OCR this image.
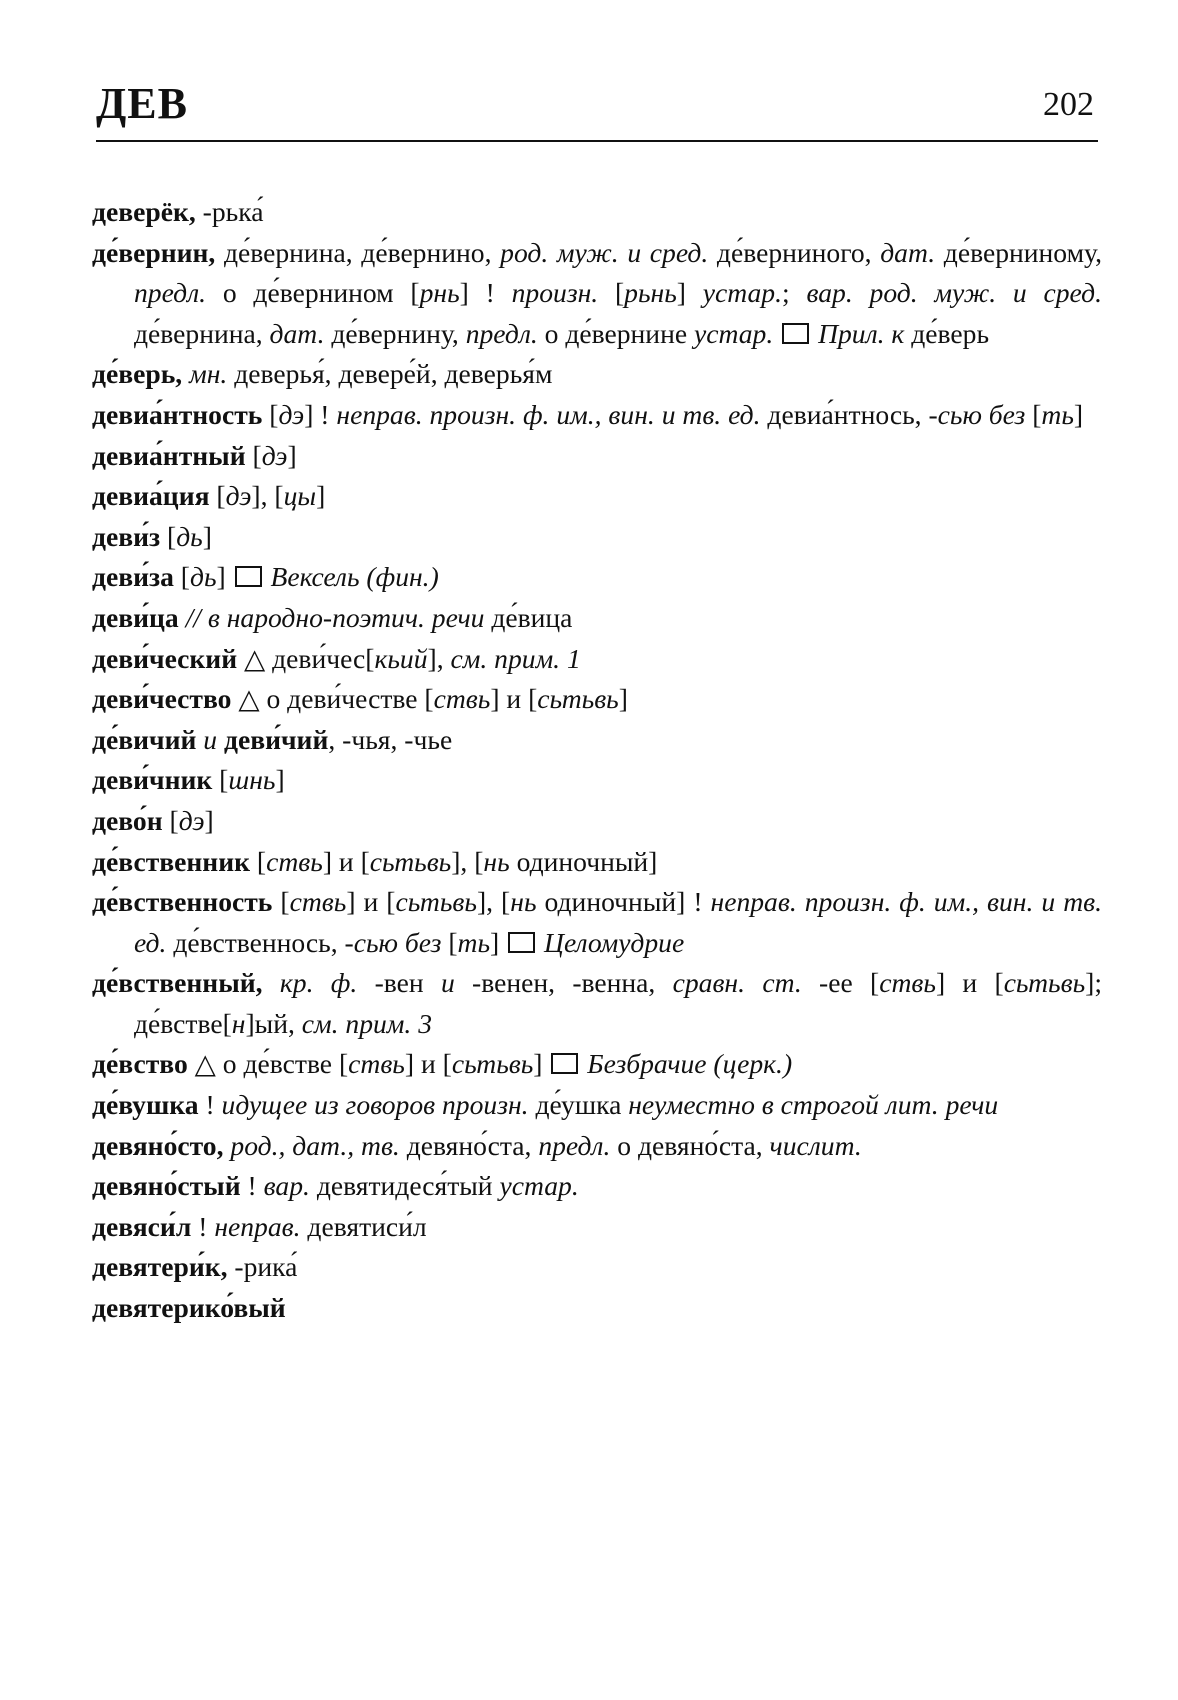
ДЕВ	202

деверёк, -рька́

де́вернин, де́вернина, де́вернино, род. муж. и сред. де́верниного, дат. де́верниному, предл. о де́вернином [рнь] ! произн. [рьнь] устар.; вар. род. муж. и сред. де́вернина, дат. де́вернину, предл. о де́вернине устар. Прил. к де́верь

де́верь, мн. деверья́, девере́й, деверья́м

девиа́нтность [дэ] ! неправ. произн. ф. им., вин. и тв. ед. девиа́нтнось, -сью без [ть]

девиа́нтный [дэ]

девиа́ция [дэ], [цы]

деви́з [дь]

деви́за [дь]  Вексель (фин.)

деви́ца // в народно-поэтич. речи де́вица

деви́ческий △ деви́чес[кьий], см. прим. 1

деви́чество △ о деви́честве [ствь] и [сьтьвь]

де́вичий и деви́чий, -чья, -чье

деви́чник [шнь]

дево́н [дэ]

де́вственник [ствь] и [сьтьвь], [нь одиночный]

де́вственность [ствь] и [сьтьвь], [нь одиночный] ! неправ. произн. ф. им., вин. и тв. ед. де́вственнось, -сью без [ть]  Целомудрие

де́вственный, кр. ф. -вен и -венен, -венна, сравн. ст. -ее [ствь] и [сьтьвь]; де́встве[н]ый, см. прим. 3

де́вство △ о де́встве [ствь] и [сьтьвь]  Безбрачие (церк.)

де́вушка ! идущее из говоров произн. де́ушка неуместно в строгой лит. речи

девяно́сто, род., дат., тв. девяно́ста, предл. о девяно́ста, числит.

девяно́стый ! вар. девятидеся́тый устар.

девяси́л ! неправ. девятиси́л

девятери́к, -рика́

девятерико́вый
